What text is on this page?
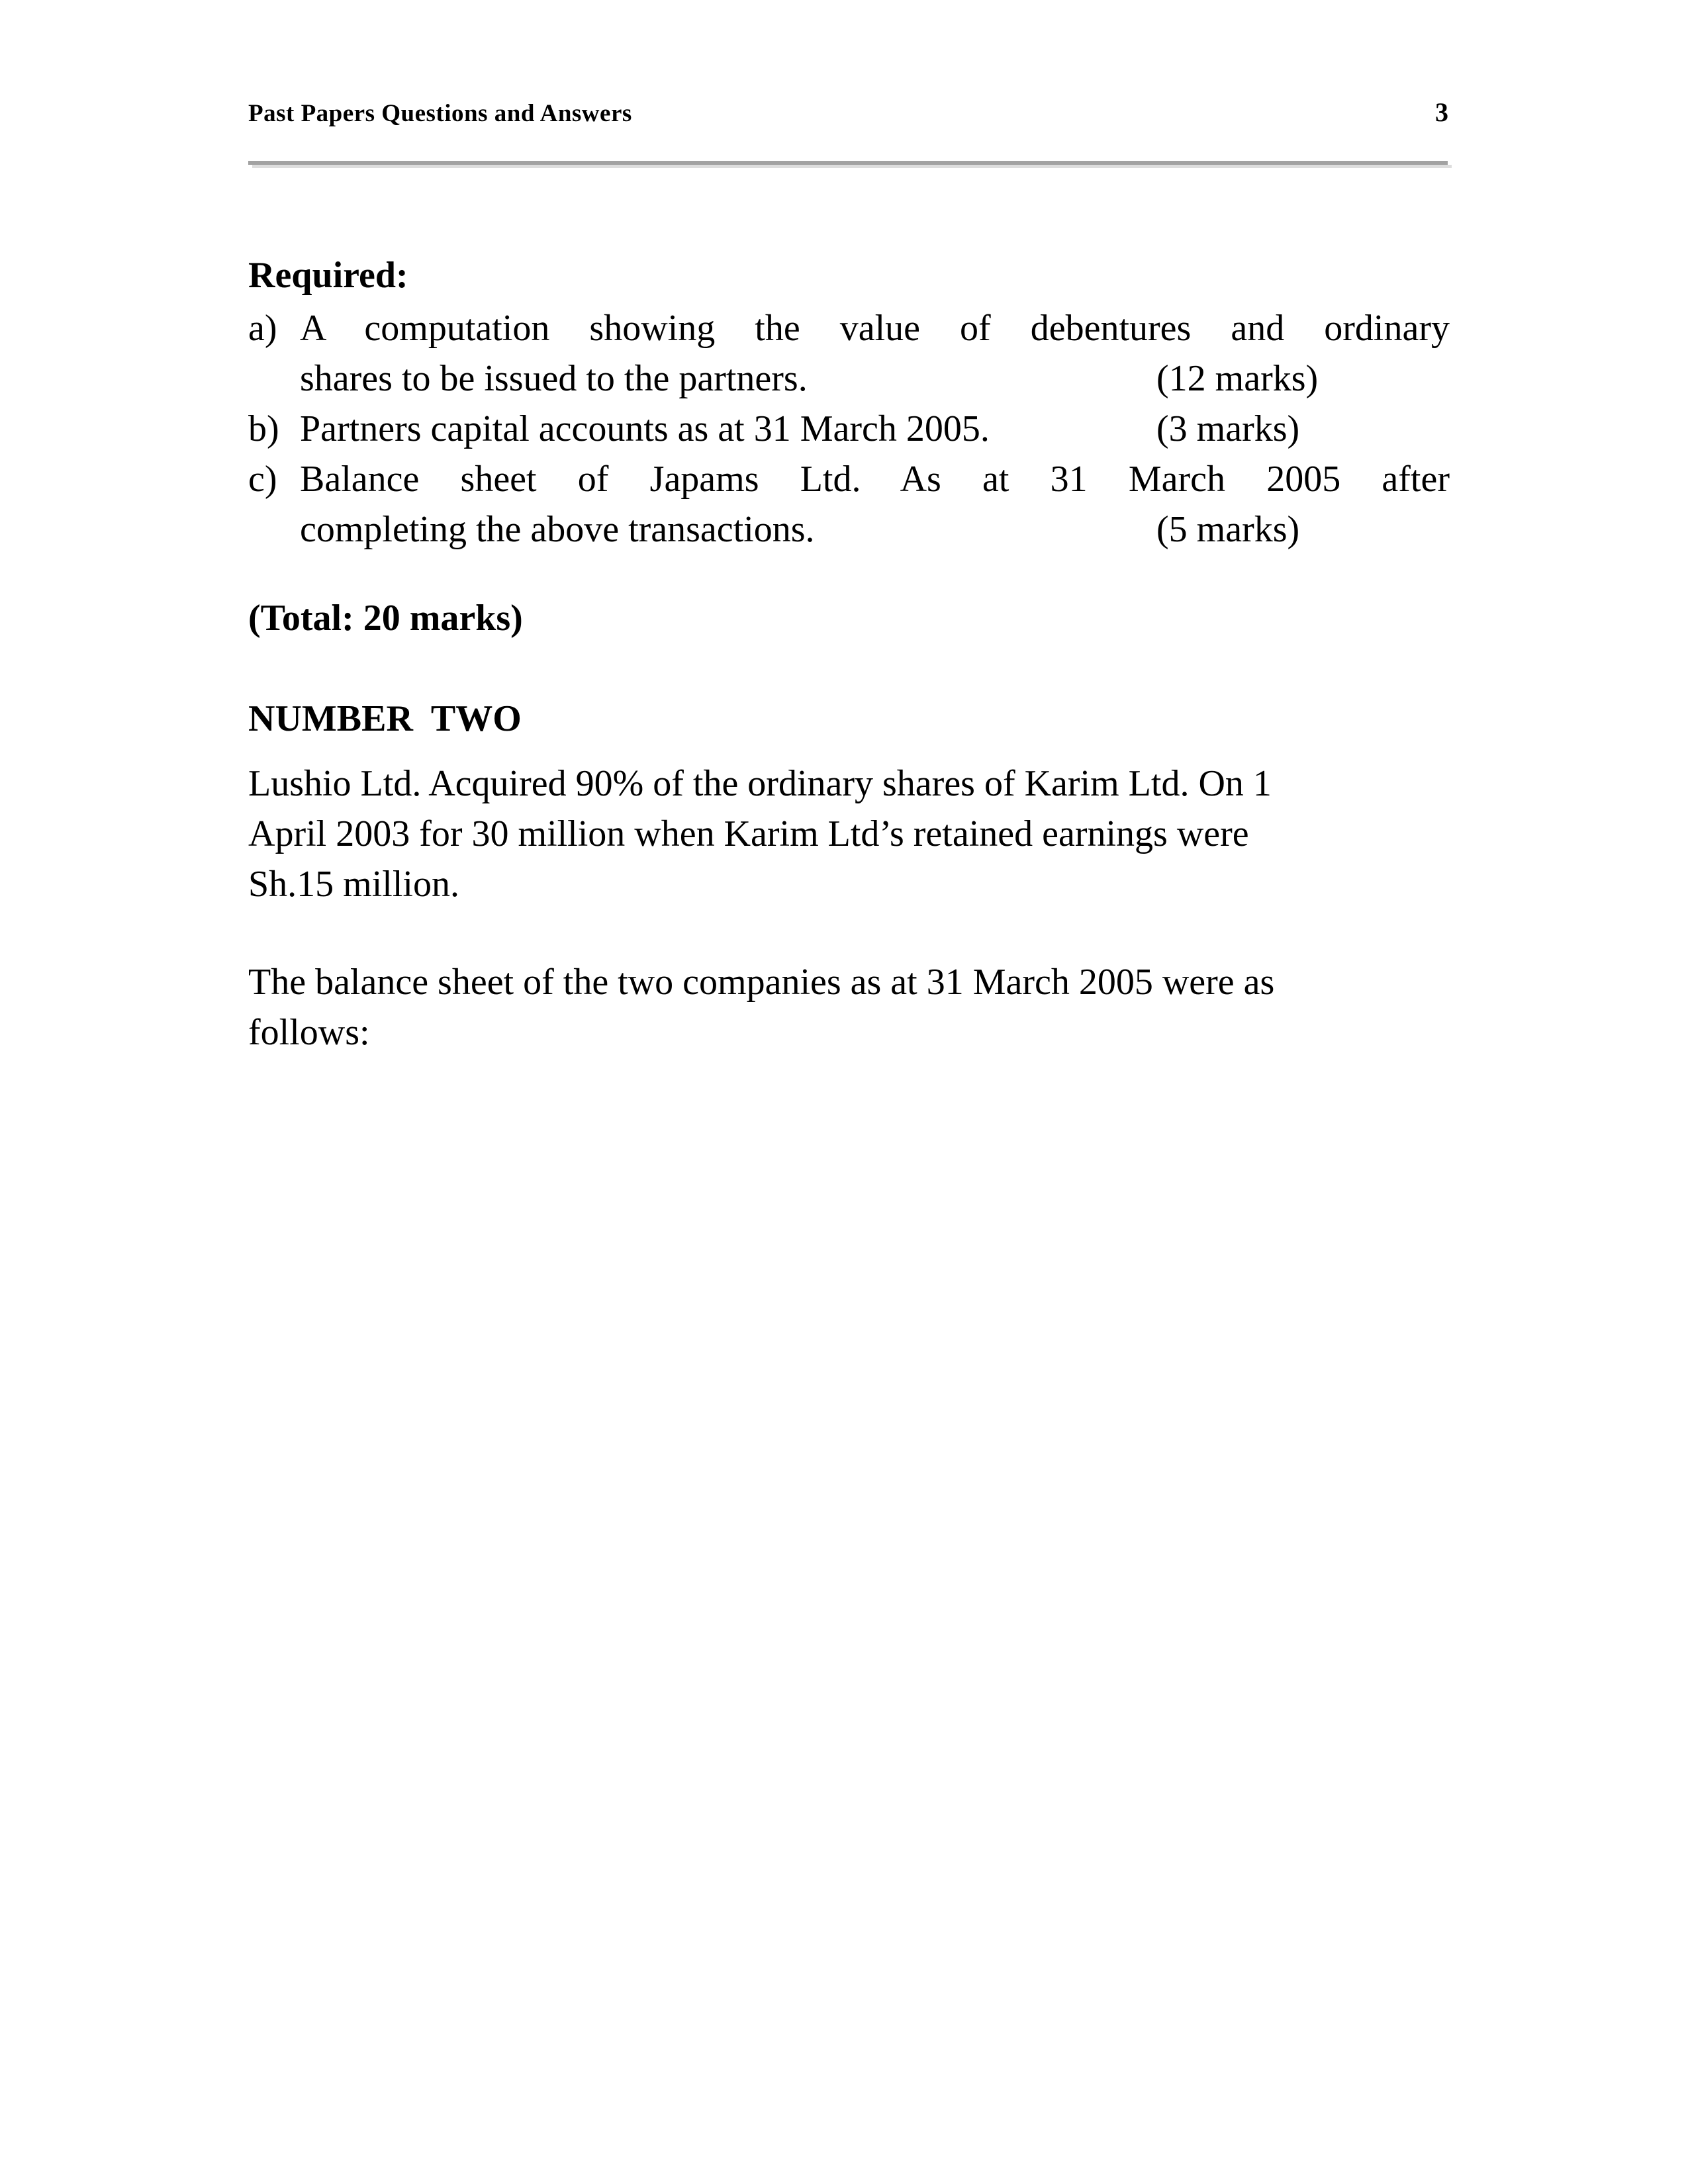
Past Papers Questions and Answers	3
Required:
a) A computation showing the value of debentures and ordinary
shares to be issued to the partners.	(12 marks)
b) Partners capital accounts as at 31 March 2005.	(3 marks)
c) Balance sheet of Japams Ltd. As at 31 March 2005 after
completing the above transactions.	(5 marks)
(Total: 20 marks)
NUMBER  TWO
Lushio Ltd. Acquired 90% of the ordinary shares of Karim Ltd. On 1
April 2003 for 30 million when Karim Ltd’s retained earnings were
Sh.15 million.
The balance sheet of the two companies as at 31 March 2005 were as
follows:
